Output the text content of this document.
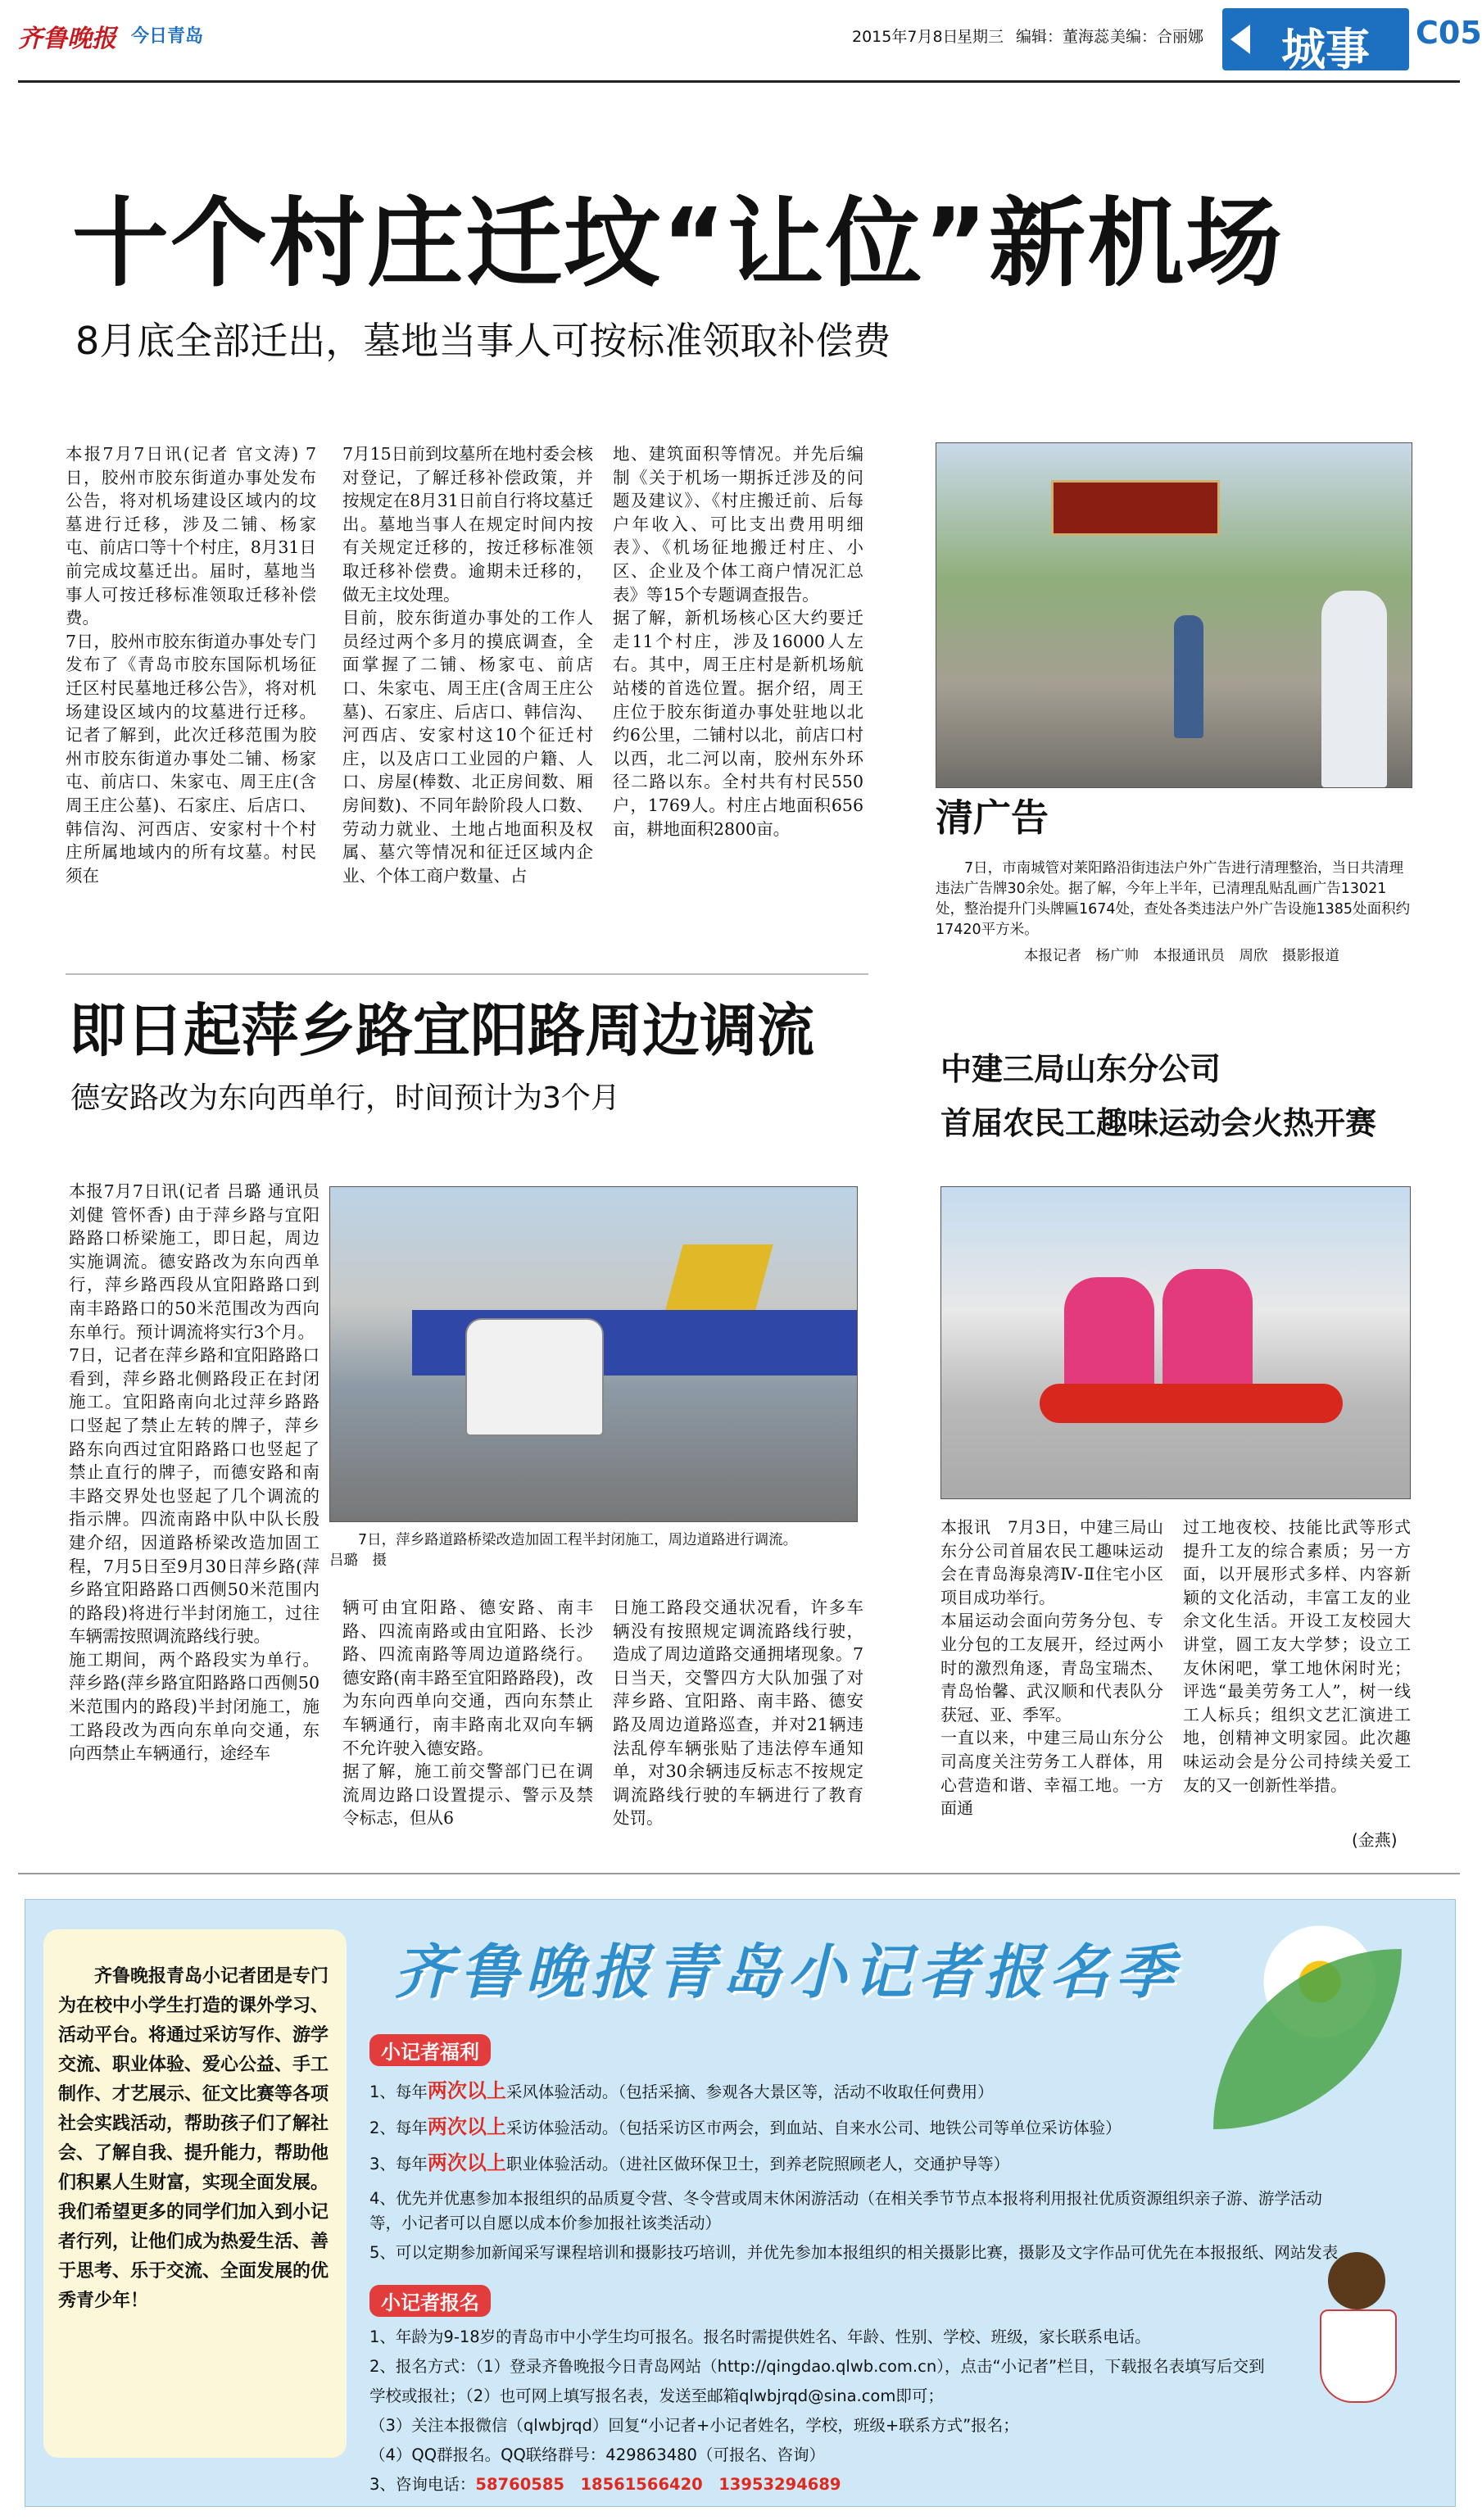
齐鲁晚报 今日青岛	2015年7月8日
星期三 编辑：董海蕊 美编：合丽娜 城事 C05
十个村庄迁坟“让位”新机场
8月底全部迁出，墓地当事人可按标准领取补偿费
本报7月7日讯(记者 官文涛) 7日，胶州市胶东街道办事处发布公告，将对机场建设区域内的坟墓进行迁移，涉及二铺、杨家屯、前店口等十个村庄，8月31日前完成坟墓迁出。届时，墓地当事人可按迁移标准领取迁移补偿费。
7日，胶州市胶东街道办事处专门发布了《青岛市胶东国际机场征迁区村民墓地迁移公告》，将对机场建设区域内的坟墓进行迁移。记者了解到，此次迁移范围为胶州市胶东街道办事处二铺、杨家屯、前店口、朱家屯、周王庄(含周王庄公墓)、石家庄、后店口、韩信沟、河西店、安家村十个村庄所属地域内的所有坟墓。村民须在
7月15日前到坟墓所在地村委会核对登记，了解迁移补偿政策，并按规定在8月31日前自行将坟墓迁出。墓地当事人在规定时间内按有关规定迁移的，按迁移标准领取迁移补偿费。逾期未迁移的，做无主坟处理。
目前，胶东街道办事处的工作人员经过两个多月的摸底调查，全面掌握了二铺、杨家屯、前店口、朱家屯、周王庄(含周王庄公墓)、石家庄、后店口、韩信沟、河西店、安家村这10个征迁村庄，以及店口工业园的户籍、人口、房屋(棒数、北正房间数、厢房间数)、不同年龄阶段人口数、劳动力就业、土地占地面积及权属、墓穴等情况和征迁区域内企业、个体工商户数量、占
地、建筑面积等情况。并先后编制《关于机场一期拆迁涉及的问题及建议》、《村庄搬迁前、后每户年收入、可比支出费用明细表》、《机场征地搬迁村庄、小区、企业及个体工商户情况汇总表》等15个专题调查报告。
据了解，新机场核心区大约要迁走11个村庄，涉及16000人左右。其中，周王庄村是新机场航站楼的首选位置。据介绍，周王庄位于胶东街道办事处驻地以北约6公里，二铺村以北，前店口村以西，北二河以南，胶州东外环径二路以东。全村共有村民550户，1769人。村庄占地面积656亩，耕地面积2800亩。	清广告
7日，市南城管对莱阳路沿街违法户外广告进行清理整治，当日共清理违法广告牌30余处。据了解，今年上半年，已清理乱贴乱画广告13021处，整治提升门头牌匾1674处，查处各类违法户外广告设施1385处面积约17420平方米。
本报记者　杨广帅　本报通讯员　周欣　摄影报道
即日起萍乡路宜阳路周边调流
德安路改为东向西单行，时间预计为3个月
本报7月7日讯(记者 吕璐 通讯员 刘健 管怀香) 由于萍乡路与宜阳路路口桥梁施工，即日起，周边实施调流。德安路改为东向西单行，萍乡路西段从宜阳路路口到南丰路路口的50米范围改为西向东单行。预计调流将实行3个月。
7日，记者在萍乡路和宜阳路路口看到，萍乡路北侧路段正在封闭施工。宜阳路南向北过萍乡路路口竖起了禁止左转的牌子，萍乡路东向西过宜阳路路口也竖起了禁止直行的牌子，而德安路和南丰路交界处也竖起了几个调流的指示牌。四流南路中队中队长殷建介绍，因道路桥梁改造加固工程，7月5日至9月30日萍乡路(萍乡路宜阳路路口西侧50米范围内的路段)将进行半封闭施工，过往车辆需按照调流路线行驶。
施工期间，两个路段实为单行。萍乡路(萍乡路宜阳路路口西侧50米范围内的路段)半封闭施工，施工路段改为西向东单向交通，东向西禁止车辆通行，途经车
7日，萍乡路道路桥梁改造加固工程半封闭施工，周边道路进行调流。　　　　　　　　　　　　　　　　吕璐　摄
辆可由宜阳路、德安路、南丰路、四流南路或由宜阳路、长沙路、四流南路等周边道路绕行。德安路(南丰路至宜阳路路段)，改为东向西单向交通，西向东禁止车辆通行，南丰路南北双向车辆不允许驶入德安路。
据了解，施工前交警部门已在调流周边路口设置提示、警示及禁令标志，但从6
日施工路段交通状况看，许多车辆没有按照规定调流路线行驶，造成了周边道路交通拥堵现象。7日当天，交警四方大队加强了对萍乡路、宜阳路、南丰路、德安路及周边道路巡查，并对21辆违法乱停车辆张贴了违法停车通知单，对30余辆违反标志不按规定调流路线行驶的车辆进行了教育处罚。
中建三局山东分公司
首届农民工趣味运动会火热开赛
本报讯　7月3日，中建三局山东分公司首届农民工趣味运动会在青岛海泉湾Ⅳ-Ⅱ住宅小区项目成功举行。
本届运动会面向劳务分包、专业分包的工友展开，经过两小时的激烈角逐，青岛宝瑞杰、青岛怡馨、武汉顺和代表队分获冠、亚、季军。
一直以来，中建三局山东分公司高度关注劳务工人群体，用心营造和谐、幸福工地。一方面通
过工地夜校、技能比武等形式提升工友的综合素质；另一方面，以开展形式多样、内容新颖的文化活动，丰富工友的业余文化生活。开设工友校园大讲堂，圆工友大学梦；设立工友休闲吧，掌工地休闲时光；评选“最美劳务工人”，树一线工人标兵；组织文艺汇演进工地，创精神文明家园。此次趣味运动会是分公司持续关爱工友的又一创新性举措。
(金燕)
齐鲁晚报青岛小记者团是专门为在校中小学生打造的课外学习、活动平台。将通过采访写作、游学交流、职业体验、爱心公益、手工制作、才艺展示、征文比赛等各项社会实践活动，帮助孩子们了解社会、了解自我、提升能力，帮助他们积累人生财富，实现全面发展。
我们希望更多的同学们加入到小记者行列，让他们成为热爱生活、善于思考、乐于交流、全面发展的优秀青少年！
齐鲁晚报青岛小记者报名季
小记者福利
1、每年两次以上采风体验活动。（包括采摘、参观各大景区等，活动不收取任何费用）
2、每年两次以上采访体验活动。（包括采访区市两会，到血站、自来水公司、地铁公司等单位采访体验）
3、每年两次以上职业体验活动。（进社区做环保卫士，到养老院照顾老人，交通护导等）
4、优先并优惠参加本报组织的品质夏令营、冬令营或周末休闲游活动（在相关季节节点本报将利用报社优质资源组织亲子游、游学活动等，小记者可以自愿以成本价参加报社该类活动）
5、可以定期参加新闻采写课程培训和摄影技巧培训，并优先参加本报组织的相关摄影比赛，摄影及文字作品可优先在本报报纸、网站发表
小记者报名
1、年龄为9-18岁的青岛市中小学生均可报名。报名时需提供姓名、年龄、性别、学校、班级，家长联系电话。
2、报名方式：（1）登录齐鲁晚报今日青岛网站（http://qingdao.qlwb.com.cn），点击“小记者”栏目，下载报名表填写后交到学校或报社；（2）也可网上填写报名表，发送至邮箱qlwbjrqd@sina.com即可；
（3）关注本报微信（qlwbjrqd）回复“小记者+小记者姓名，学校，班级+联系方式”报名；
（4）QQ群报名。QQ联络群号：429863480（可报名、咨询）
3、咨询电话：58760585　18561566420　13953294689
